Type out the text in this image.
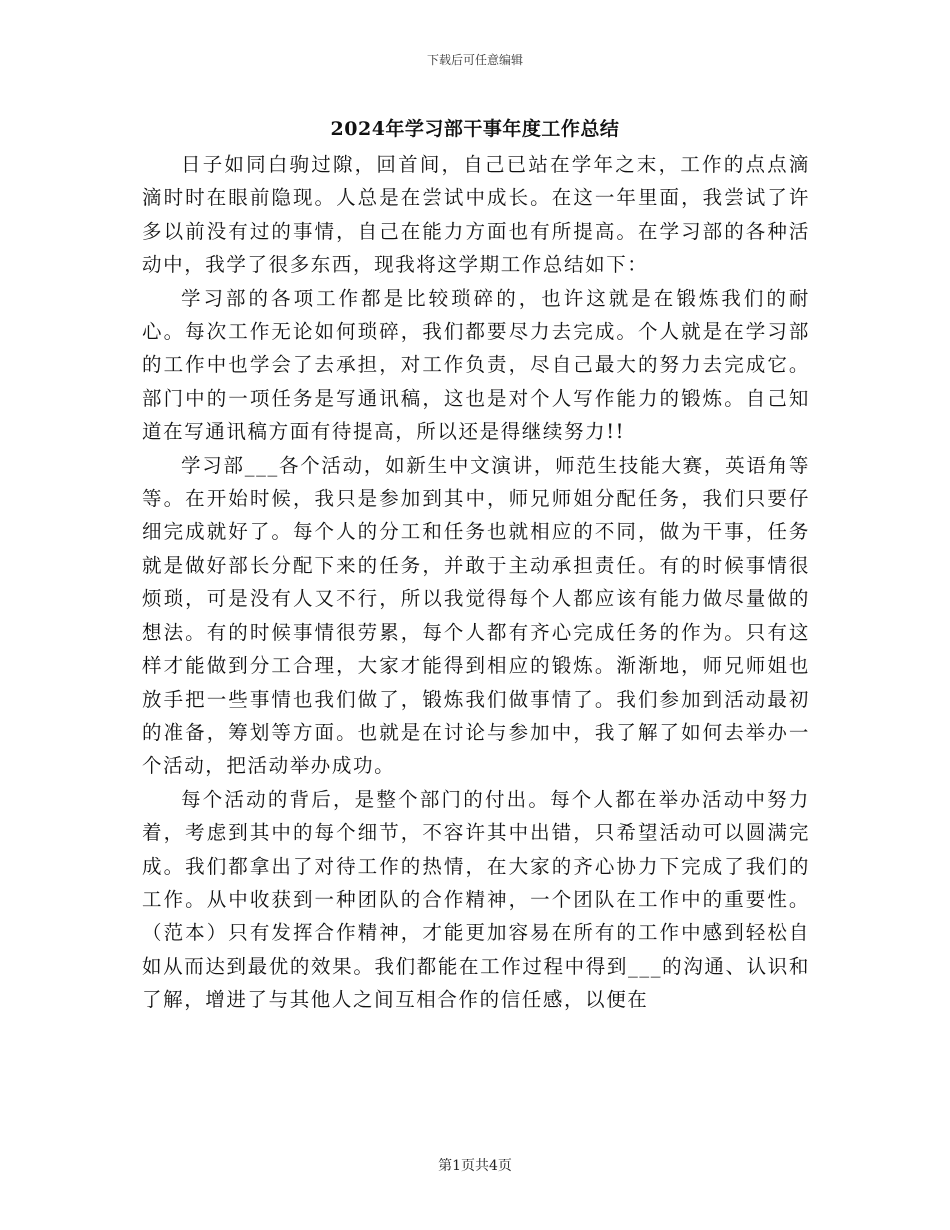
下载后可任意编辑
2024年学习部干事年度工作总结

日子如同白驹过隙，回首间，自己已站在学年之末，工作的点点滴滴时时在眼前隐现。人总是在尝试中成长。在这一年里面，我尝试了许多以前没有过的事情，自己在能力方面也有所提高。在学习部的各种活动中，我学了很多东西，现我将这学期工作总结如下：

学习部的各项工作都是比较琐碎的，也许这就是在锻炼我们的耐心。每次工作无论如何琐碎，我们都要尽力去完成。个人就是在学习部的工作中也学会了去承担，对工作负责，尽自己最大的努力去完成它。部门中的一项任务是写通讯稿，这也是对个人写作能力的锻炼。自己知道在写通讯稿方面有待提高，所以还是得继续努力!!

学习部___各个活动，如新生中文演讲，师范生技能大赛，英语角等等。在开始时候，我只是参加到其中，师兄师姐分配任务，我们只要仔细完成就好了。每个人的分工和任务也就相应的不同，做为干事，任务就是做好部长分配下来的任务，并敢于主动承担责任。有的时候事情很烦琐，可是没有人又不行，所以我觉得每个人都应该有能力做尽量做的想法。有的时候事情很劳累，每个人都有齐心完成任务的作为。只有这样才能做到分工合理，大家才能得到相应的锻炼。渐渐地，师兄师姐也放手把一些事情也我们做了，锻炼我们做事情了。我们参加到活动最初的准备，筹划等方面。也就是在讨论与参加中，我了解了如何去举办一个活动，把活动举办成功。

每个活动的背后，是整个部门的付出。每个人都在举办活动中努力着，考虑到其中的每个细节，不容许其中出错，只希望活动可以圆满完成。我们都拿出了对待工作的热情，在大家的齐心协力下完成了我们的工作。从中收获到一种团队的合作精神，一个团队在工作中的重要性。（范本）只有发挥合作精神，才能更加容易在所有的工作中感到轻松自如从而达到最优的效果。我们都能在工作过程中得到___的沟通、认识和了解，增进了与其他人之间互相合作的信任感，以便在

第1页共4页
